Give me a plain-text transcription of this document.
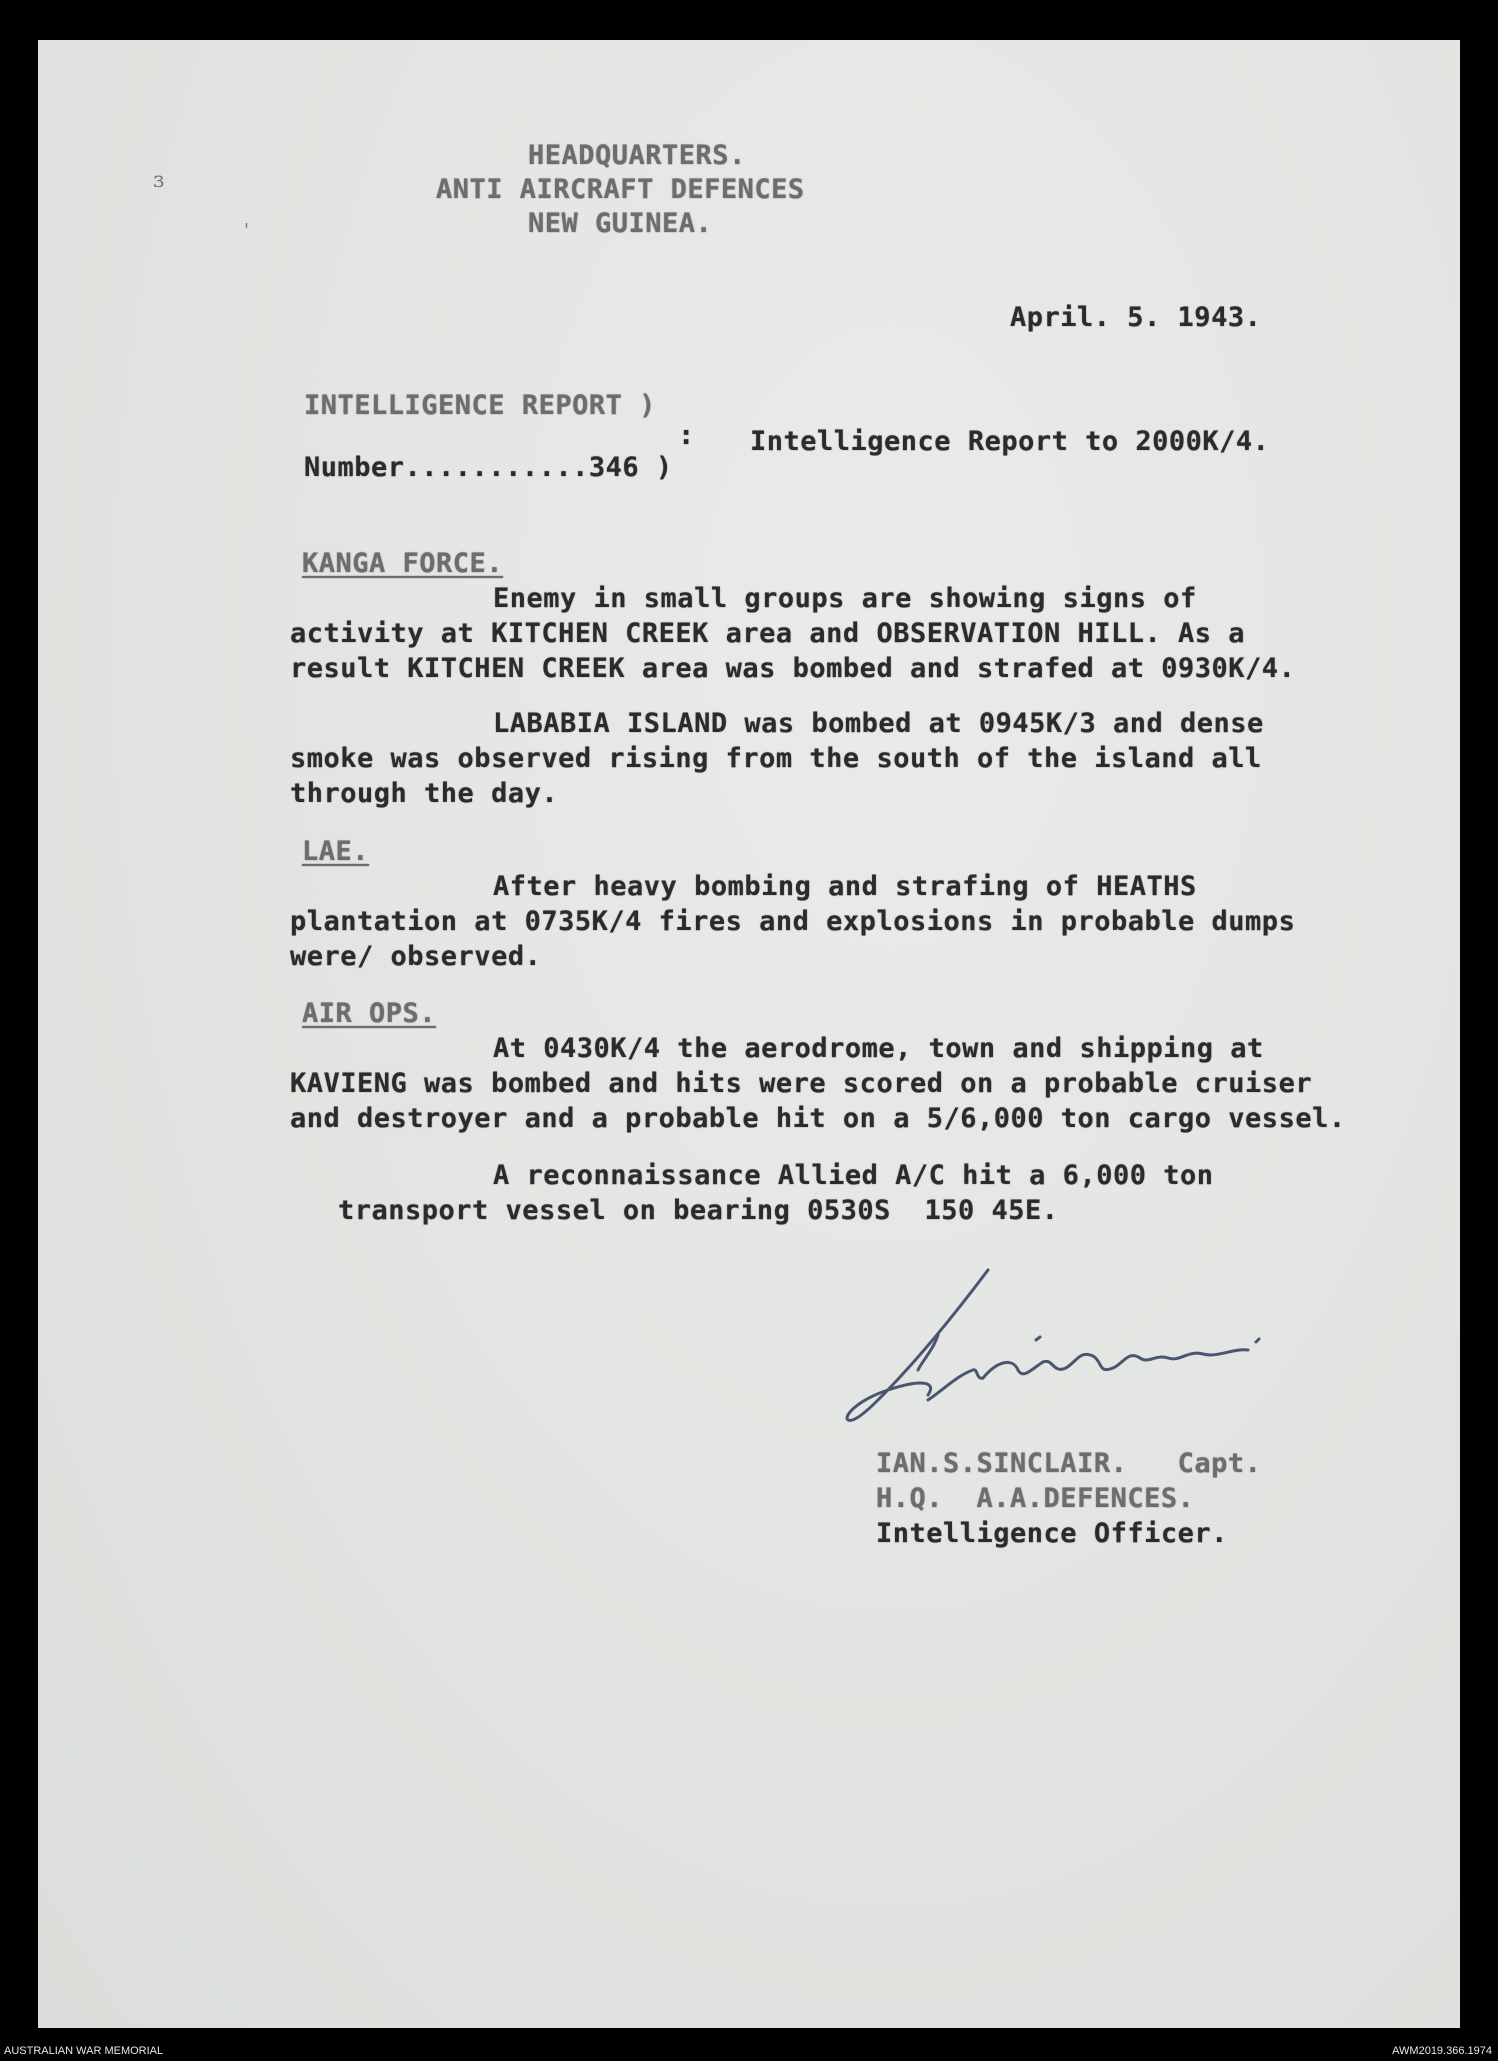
ɜ
'
HEADQUARTERS.
ANTI AIRCRAFT DEFENCES
NEW GUINEA.
April. 5. 1943.
INTELLIGENCE REPORT )
:
Number...........346 )
Intelligence Report to 2000K/4.
KANGA FORCE.
Enemy in small groups are showing signs of
activity at KITCHEN CREEK area and OBSERVATION HILL. As a
result KITCHEN CREEK area was bombed and strafed at 0930K/4.
LABABIA ISLAND was bombed at 0945K/3 and dense
smoke was observed rising from the south of the island all
through the day.
LAE.
After heavy bombing and strafing of HEATHS
plantation at 0735K/4 fires and explosions in probable dumps
were/ observed.
AIR OPS.
At 0430K/4 the aerodrome, town and shipping at
KAVIENG was bombed and hits were scored on a probable cruiser
and destroyer and a probable hit on a 5/6,000 ton cargo vessel.
A reconnaissance Allied A/C hit a 6,000 ton
transport vessel on bearing 0530S  150 45E.
IAN.S.SINCLAIR.   Capt.
H.Q.  A.A.DEFENCES.
Intelligence Officer.
AUSTRALIAN WAR MEMORIAL	AWM2019.366.1974
